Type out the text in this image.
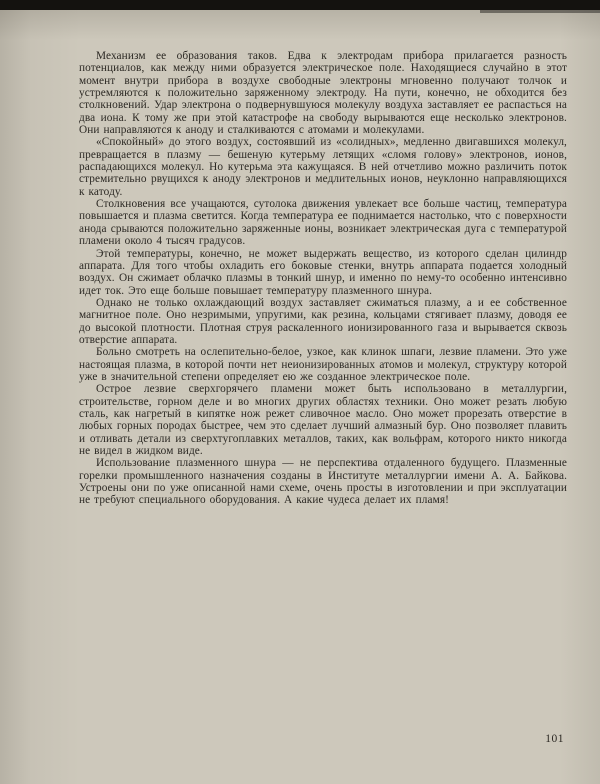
Механизм ее образования таков. Едва к электродам прибора прилагается разность потенциалов, как между ними образуется электрическое поле. Находящиеся случайно в этот момент внутри прибора в воздухе свободные электроны мгновенно получают толчок и устремляются к положительно заряженному электроду. На пути, конечно, не обходится без столкновений. Удар электрона о подвернувшуюся молекулу воздуха заставляет ее распасться на два иона. К тому же при этой катастрофе на свободу вырываются еще несколько электронов. Они направляются к аноду и сталкиваются с атомами и молекулами.

«Спокойный» до этого воздух, состоявший из «солидных», медленно двигавшихся молекул, превращается в плазму — бешеную кутерьму летящих «сломя голову» электронов, ионов, распадающихся молекул. Но кутерьма эта кажущаяся. В ней отчетливо можно различить поток стремительно рвущихся к аноду электронов и медлительных ионов, неуклонно направляющихся к катоду.

Столкновения все учащаются, сутолока движения увлекает все больше частиц, температура повышается и плазма светится. Когда температура ее поднимается настолько, что с поверхности анода срываются положительно заряженные ионы, возникает электрическая дуга с температурой пламени около 4 тысяч градусов.

Этой температуры, конечно, не может выдержать вещество, из которого сделан цилиндр аппарата. Для того чтобы охладить его боковые стенки, внутрь аппарата подается холодный воздух. Он сжимает облачко плазмы в тонкий шнур, и именно по нему-то особенно интенсивно идет ток. Это еще больше повышает температуру плазменного шнура.

Однако не только охлаждающий воздух заставляет сжиматься плазму, а и ее собственное магнитное поле. Оно незримыми, упругими, как резина, кольцами стягивает плазму, доводя ее до высокой плотности. Плотная струя раскаленного ионизированного газа и вырывается сквозь отверстие аппарата.

Больно смотреть на ослепительно-белое, узкое, как клинок шпаги, лезвие пламени. Это уже настоящая плазма, в которой почти нет неионизированных атомов и молекул, структуру которой уже в значительной степени определяет ею же созданное электрическое поле.

Острое лезвие сверхгорячего пламени может быть использовано в металлургии, строительстве, горном деле и во многих других областях техники. Оно может резать любую сталь, как нагретый в кипятке нож режет сливочное масло. Оно может прорезать отверстие в любых горных породах быстрее, чем это сделает лучший алмазный бур. Оно позволяет плавить и отливать детали из сверхтугоплавких металлов, таких, как вольфрам, которого никто никогда не видел в жидком виде.

Использование плазменного шнура — не перспектива отдаленного будущего. Плазменные горелки промышленного назначения созданы в Институте металлургии имени А. А. Байкова. Устроены они по уже описанной нами схеме, очень просты в изготовлении и при эксплуатации не требуют специального оборудования. А какие чудеса делает их пламя!

101
